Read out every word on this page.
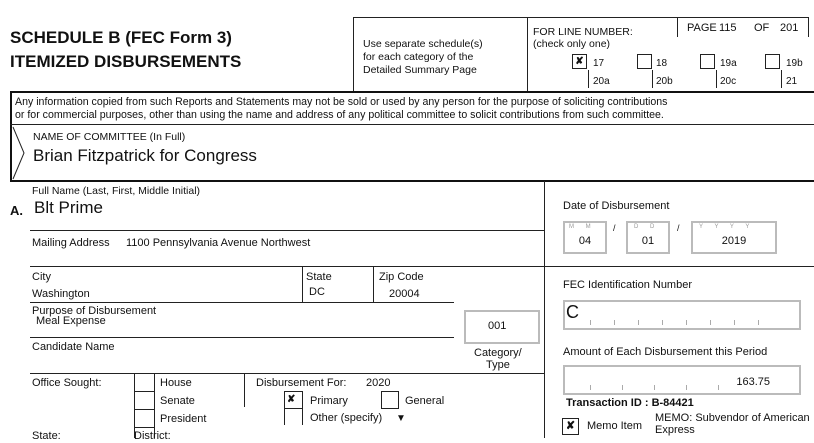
SCHEDULE B (FEC Form 3)
ITEMIZED DISBURSEMENTS
Use separate schedule(s)
for each category of the
Detailed Summary Page
FOR LINE NUMBER:
(check only one)
PAGE 115 OF 201
✘ 17
20a
18
20b
19a
20c
19b
21
Any information copied from such Reports and Statements may not be sold or used by any person for the purpose of soliciting contributions
or for commercial purposes, other than using the name and address of any political committee to solicit contributions from such committee.
NAME OF COMMITTEE (In Full)
Brian Fitzpatrick for Congress
Full Name (Last, First, Middle Initial)
A. Blt Prime
Mailing Address 1100 Pennsylvania Avenue Northwest
City
Washington
State
DC
Zip Code
20004
Purpose of Disbursement
Meal Expense	001
Category/
Type
Candidate Name
Office Sought:	House
Senate
President
State:	District:
Disbursement For: 2020
✘ Primary	General
Other (specify) ▼
Date of Disbursement
M M
04
/	D D
01
/	Y Y Y Y
2019
FEC Identification Number
C
Amount of Each Disbursement this Period
163.75
Transaction ID : B-84421
✘	Memo Item
MEMO: Subvendor of American
Express
